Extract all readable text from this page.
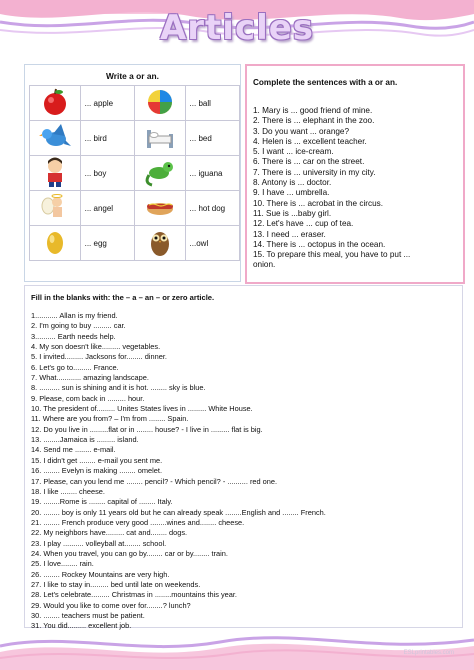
Articles
Write a or an.
	... apple		... ball
	... bird		... bed
	... boy		... iguana
	... angel		... hot dog
	... egg		...owl
Complete the sentences with a or an.
1. Mary is ... good friend of mine.
2. There is ... elephant in the zoo.
3. Do you want ... orange?
4. Helen is ... excellent teacher.
5. I want ... ice-cream.
6. There is ... car on the street.
7. There is ... university in my city.
8. Antony is ... doctor.
9. I have ... umbrella.
10. There is ... acrobat in the circus.
11. Sue is ...baby girl.
12. Let's have ... cup of tea.
13. I need ... eraser.
14. There is ... octopus in the ocean.
15. To prepare this meal, you have to put ...
onion.
Fill in the blanks with: the – a – an – or zero article.
1........... Allan is my friend.
2. I'm going to buy ......... car.
3.......... Earth needs help.
4. My son doesn't like......... vegetables.
5. I invited......... Jacksons for........ dinner.
6. Let's go to......... France.
7. What............ amazing landscape.
8. .......... sun is shining and it is hot. ........ sky is blue.
9. Please, com back in ......... hour.
10. The president of......... Unites States lives in ......... White House.
11. Where are you from? – I'm from ........ Spain.
12. Do you live in .........flat or in ........ house? - I live in ......... flat is big.
13. ........Jamaica is ......... island.
14. Send me ........ e-mail.
15. I didn't get ........ e-mail you sent me.
16. ........ Evelyn is making ........ omelet.
17. Please, can you lend me ........ pencil? - Which pencil? - .......... red one.
18. I like ........ cheese.
19. ........Rome is ........ capital of ........ Italy.
20. ........ boy is only 11 years old but he can already speak ........English and ........ French.
21. ........ French produce very good ........wines and........ cheese.
22. My neighbors have......... cat and........ dogs.
23. I play .......... volleyball at........ school.
24. When you travel, you can go by........ car or by........ train.
25. I love........ rain.
26. ........ Rockey Mountains are very high.
27. I like to stay in......... bed until late on weekends.
28. Let's celebrate......... Christmas in ........mountains this year.
29. Would you like to come over for........? lunch?
30. ........ teachers must be patient.
31. You did......... excellent job.
ESLprintables.com
